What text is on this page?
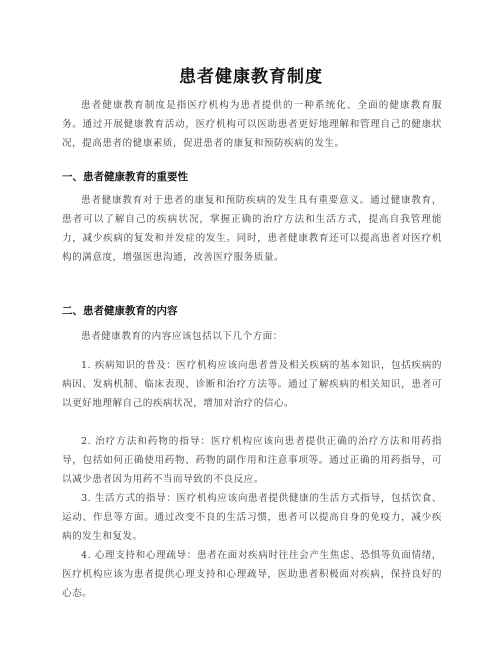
患者健康教育制度

患者健康教育制度是指医疗机构为患者提供的一种系统化、全面的健康教育服务。通过开展健康教育活动，医疗机构可以医助患者更好地理解和管理自己的健康状况，提高患者的健康素质，促进患者的康复和预防疾病的发生。

一、患者健康教育的重要性

患者健康教育对于患者的康复和预防疾病的发生具有重要意义。通过健康教育，患者可以了解自己的疾病状况，掌握正确的治疗方法和生活方式，提高自我管理能力，减少疾病的复发和并发症的发生。同时，患者健康教育还可以提高患者对医疗机构的满意度，增强医患沟通，改善医疗服务质量。

二、患者健康教育的内容

患者健康教育的内容应该包括以下几个方面：

1. 疾病知识的普及：医疗机构应该向患者普及相关疾病的基本知识，包括疾病的病因、发病机制、临床表现、诊断和治疗方法等。通过了解疾病的相关知识，患者可以更好地理解自己的疾病状况，增加对治疗的信心。

2. 治疗方法和药物的指导：医疗机构应该向患者提供正确的治疗方法和用药指导，包括如何正确使用药物、药物的副作用和注意事项等。通过正确的用药指导，可以减少患者因为用药不当而导致的不良反应。

3. 生活方式的指导：医疗机构应该向患者提供健康的生活方式指导，包括饮食、运动、作息等方面。通过改变不良的生活习惯，患者可以提高自身的免疫力，减少疾病的发生和复发。

4. 心理支持和心理疏导：患者在面对疾病时往往会产生焦虑、恐惧等负面情绪，医疗机构应该为患者提供心理支持和心理疏导，医助患者积极面对疾病，保持良好的心态。
